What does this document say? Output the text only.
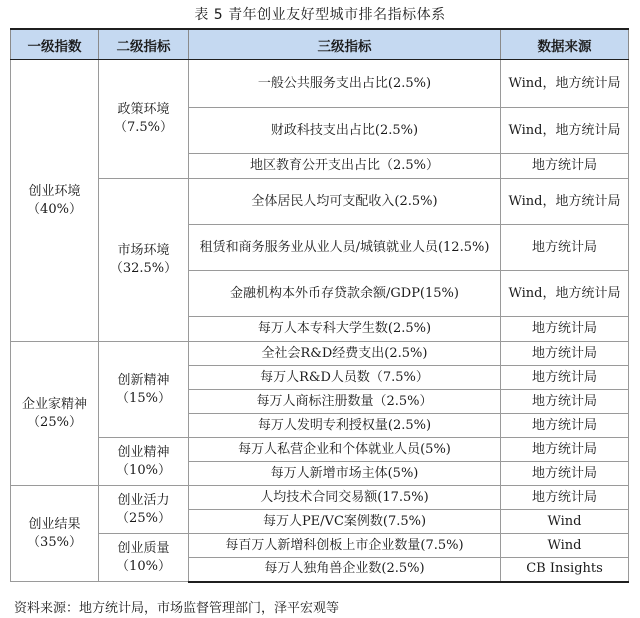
表 5 青年创业友好型城市排名指标体系
一级指数	二级指标	三级指标	数据来源
创业环境（40%）	政策环境（7.5%）	一般公共服务支出占比(2.5%)	Wind，地方统计局
		财政科技支出占比(2.5%)	Wind，地方统计局
		地区教育公开支出占比（2.5%）	地方统计局
	市场环境（32.5%）	全体居民人均可支配收入(2.5%)	Wind，地方统计局
		租赁和商务服务业从业人员/城镇就业人员(12.5%)	地方统计局
		金融机构本外币存贷款余额/GDP(15%)	Wind，地方统计局
		每万人本专科大学生数(2.5%)	地方统计局
企业家精神（25%）	创新精神（15%）	全社会R&D经费支出(2.5%)	地方统计局
		每万人R&D人员数（7.5%）	地方统计局
		每万人商标注册数量（2.5%）	地方统计局
		每万人发明专利授权量(2.5%)	地方统计局
	创业精神（10%）	每万人私营企业和个体就业人员(5%)	地方统计局
		每万人新增市场主体(5%)	地方统计局
创业结果（35%）	创业活力（25%）	人均技术合同交易额(17.5%)	地方统计局
		每万人PE/VC案例数(7.5%)	Wind
	创业质量（10%）	每百万人新增科创板上市企业数量(7.5%)	Wind
		每万人独角兽企业数(2.5%)	CB Insights
资料来源：地方统计局，市场监督管理部门，泽平宏观等
